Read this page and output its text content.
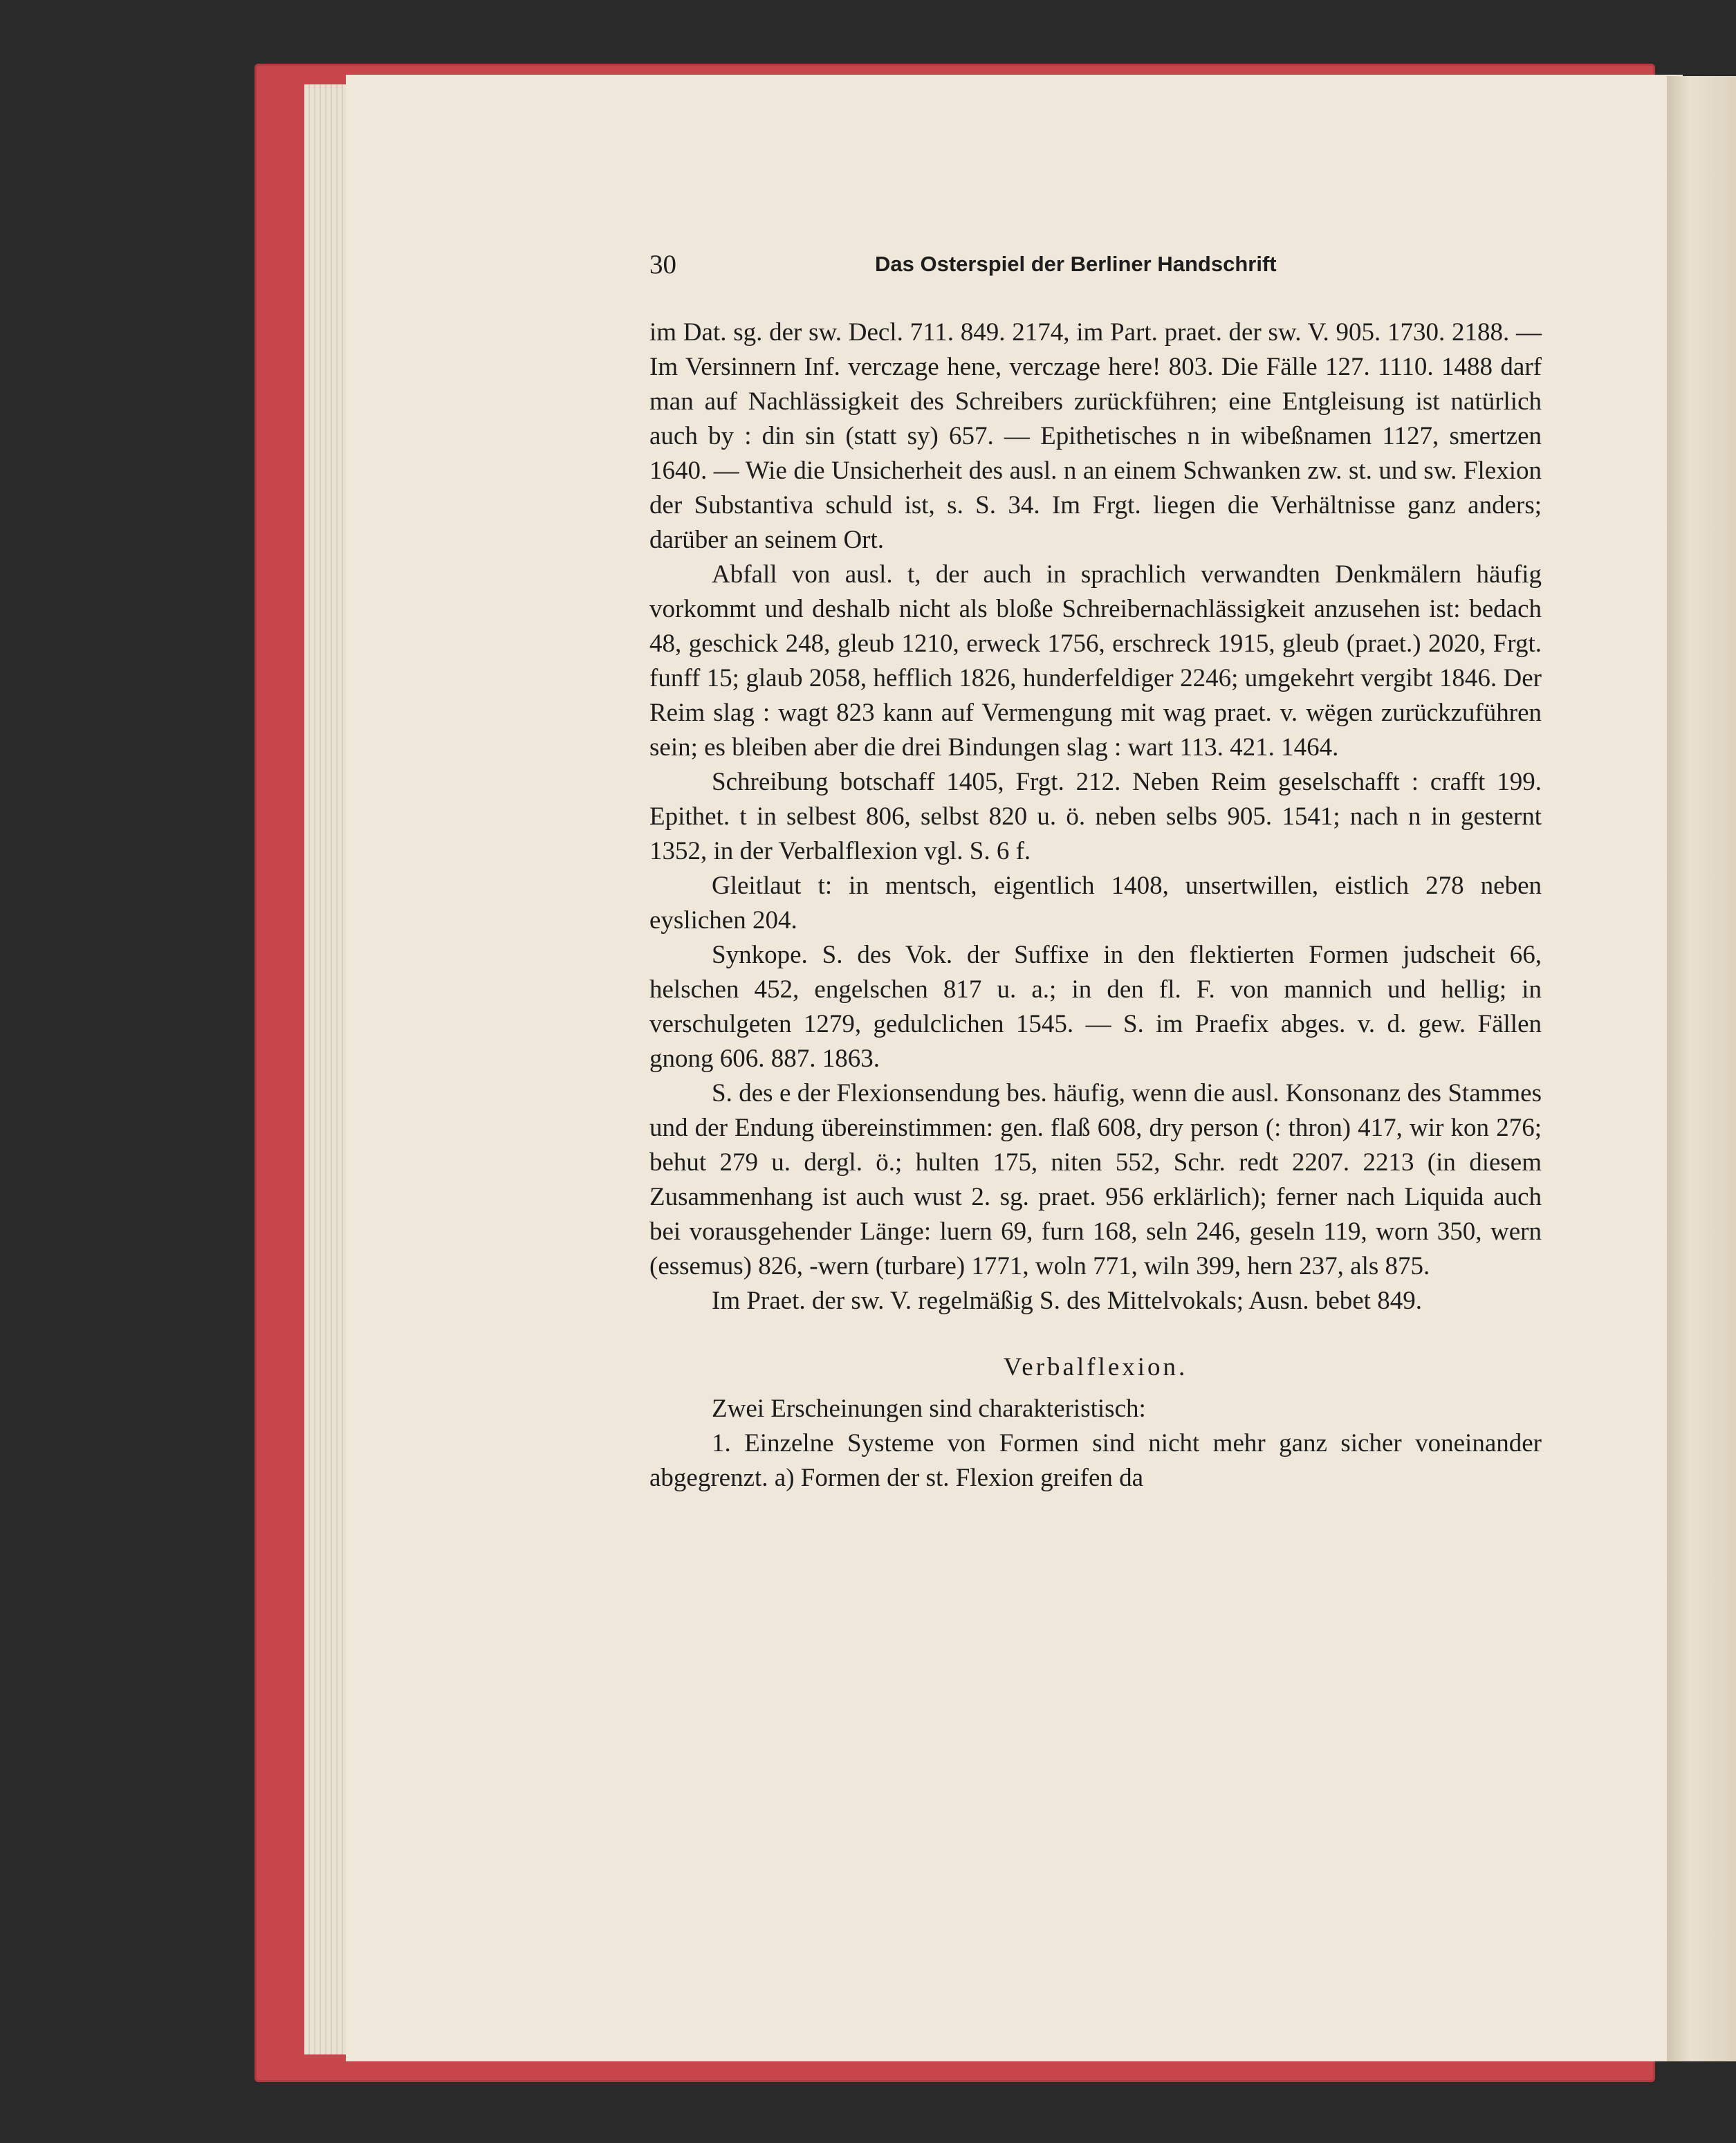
30	Das Osterspiel der Berliner Handschrift

im Dat. sg. der sw. Decl. 711. 849. 2174, im Part. praet. der sw. V. 905. 1730. 2188. — Im Versinnern Inf. verczage hene, verczage here! 803. Die Fälle 127. 1110. 1488 darf man auf Nachlässigkeit des Schreibers zurückführen; eine Entgleisung ist natürlich auch by : din sin (statt sy) 657. — Epithetisches n in wibeßnamen 1127, smertzen 1640. — Wie die Unsicherheit des ausl. n an einem Schwanken zw. st. und sw. Flexion der Substantiva schuld ist, s. S. 34. Im Frgt. liegen die Verhältnisse ganz anders; darüber an seinem Ort.

Abfall von ausl. t, der auch in sprachlich verwandten Denkmälern häufig vorkommt und deshalb nicht als bloße Schreibernachlässigkeit anzusehen ist: bedach 48, geschick 248, gleub 1210, erweck 1756, erschreck 1915, gleub (praet.) 2020, Frgt. funff 15; glaub 2058, hefflich 1826, hunderfeldiger 2246; umgekehrt vergibt 1846. Der Reim slag : wagt 823 kann auf Vermengung mit wag praet. v. wëgen zurückzuführen sein; es bleiben aber die drei Bindungen slag : wart 113. 421. 1464.

Schreibung botschaff 1405, Frgt. 212. Neben Reim geselschafft : crafft 199. Epithet. t in selbest 806, selbst 820 u. ö. neben selbs 905. 1541; nach n in gesternt 1352, in der Verbalflexion vgl. S. 6 f.

Gleitlaut t: in mentsch, eigentlich 1408, unsertwillen, eistlich 278 neben eyslichen 204.

Synkope. S. des Vok. der Suffixe in den flektierten Formen judscheit 66, helschen 452, engelschen 817 u. a.; in den fl. F. von mannich und hellig; in verschulgeten 1279, gedulclichen 1545. — S. im Praefix abges. v. d. gew. Fällen gnong 606. 887. 1863.

S. des e der Flexionsendung bes. häufig, wenn die ausl. Konsonanz des Stammes und der Endung übereinstimmen: gen. flaß 608, dry person (: thron) 417, wir kon 276; behut 279 u. dergl. ö.; hulten 175, niten 552, Schr. redt 2207. 2213 (in diesem Zusammenhang ist auch wust 2. sg. praet. 956 erklärlich); ferner nach Liquida auch bei vorausgehender Länge: luern 69, furn 168, seln 246, geseln 119, worn 350, wern (essemus) 826, -wern (turbare) 1771, woln 771, wiln 399, hern 237, als 875.

Im Praet. der sw. V. regelmäßig S. des Mittelvokals; Ausn. bebet 849.

Verbalflexion.

Zwei Erscheinungen sind charakteristisch:

1. Einzelne Systeme von Formen sind nicht mehr ganz sicher voneinander abgegrenzt. a) Formen der st. Flexion greifen da
